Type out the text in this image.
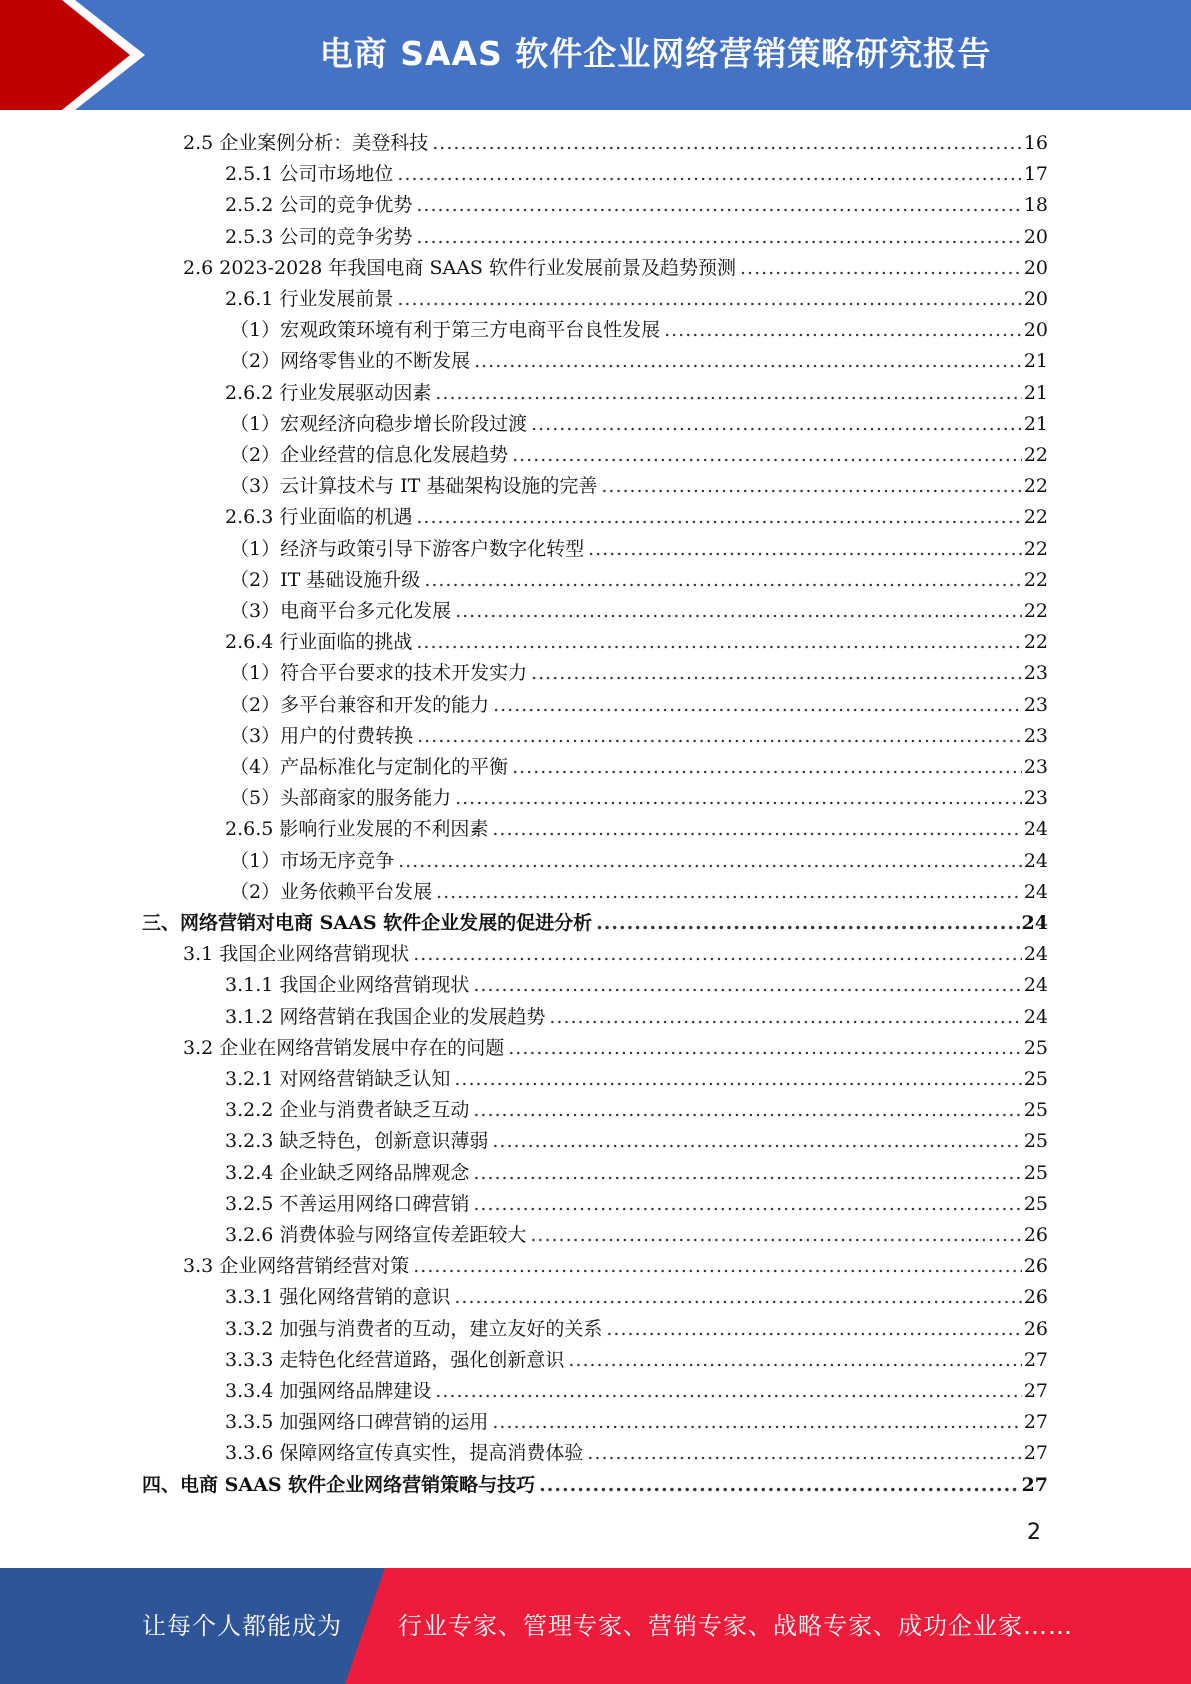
电商 SAAS 软件企业网络营销策略研究报告
2.5 企业案例分析：美登科技 .....	16
2.5.1 公司市场地位 .....	17
2.5.2 公司的竞争优势 .....	18
2.5.3 公司的竞争劣势 .....	20
2.6 2023-2028 年我国电商 SAAS 软件行业发展前景及趋势预测 .....	20
2.6.1 行业发展前景 .....	20
（1）宏观政策环境有利于第三方电商平台良性发展 .....	20
（2）网络零售业的不断发展 .....	21
2.6.2 行业发展驱动因素 .....	21
（1）宏观经济向稳步增长阶段过渡 .....	21
（2）企业经营的信息化发展趋势 .....	22
（3）云计算技术与 IT 基础架构设施的完善 .....	22
2.6.3 行业面临的机遇 .....	22
（1）经济与政策引导下游客户数字化转型 .....	22
（2）IT 基础设施升级 .....	22
（3）电商平台多元化发展 .....	22
2.6.4 行业面临的挑战 .....	22
（1）符合平台要求的技术开发实力 .....	23
（2）多平台兼容和开发的能力 .....	23
（3）用户的付费转换 .....	23
（4）产品标准化与定制化的平衡 .....	23
（5）头部商家的服务能力 .....	23
2.6.5 影响行业发展的不利因素 .....	24
（1）市场无序竞争 .....	24
（2）业务依赖平台发展 .....	24
三、网络营销对电商 SAAS 软件企业发展的促进分析 .....	24
3.1 我国企业网络营销现状 .....	24
3.1.1 我国企业网络营销现状 .....	24
3.1.2 网络营销在我国企业的发展趋势 .....	24
3.2 企业在网络营销发展中存在的问题 .....	25
3.2.1 对网络营销缺乏认知 .....	25
3.2.2 企业与消费者缺乏互动 .....	25
3.2.3 缺乏特色，创新意识薄弱 .....	25
3.2.4 企业缺乏网络品牌观念 .....	25
3.2.5 不善运用网络口碑营销 .....	25
3.2.6 消费体验与网络宣传差距较大 .....	26
3.3 企业网络营销经营对策 .....	26
3.3.1 强化网络营销的意识 .....	26
3.3.2 加强与消费者的互动，建立友好的关系 .....	26
3.3.3 走特色化经营道路，强化创新意识 .....	27
3.3.4 加强网络品牌建设 .....	27
3.3.5 加强网络口碑营销的运用 .....	27
3.3.6 保障网络宣传真实性，提高消费体验 .....	27
四、电商 SAAS 软件企业网络营销策略与技巧 .....	27
2
让每个人都能成为 行业专家、管理专家、营销专家、战略专家、成功企业家……
